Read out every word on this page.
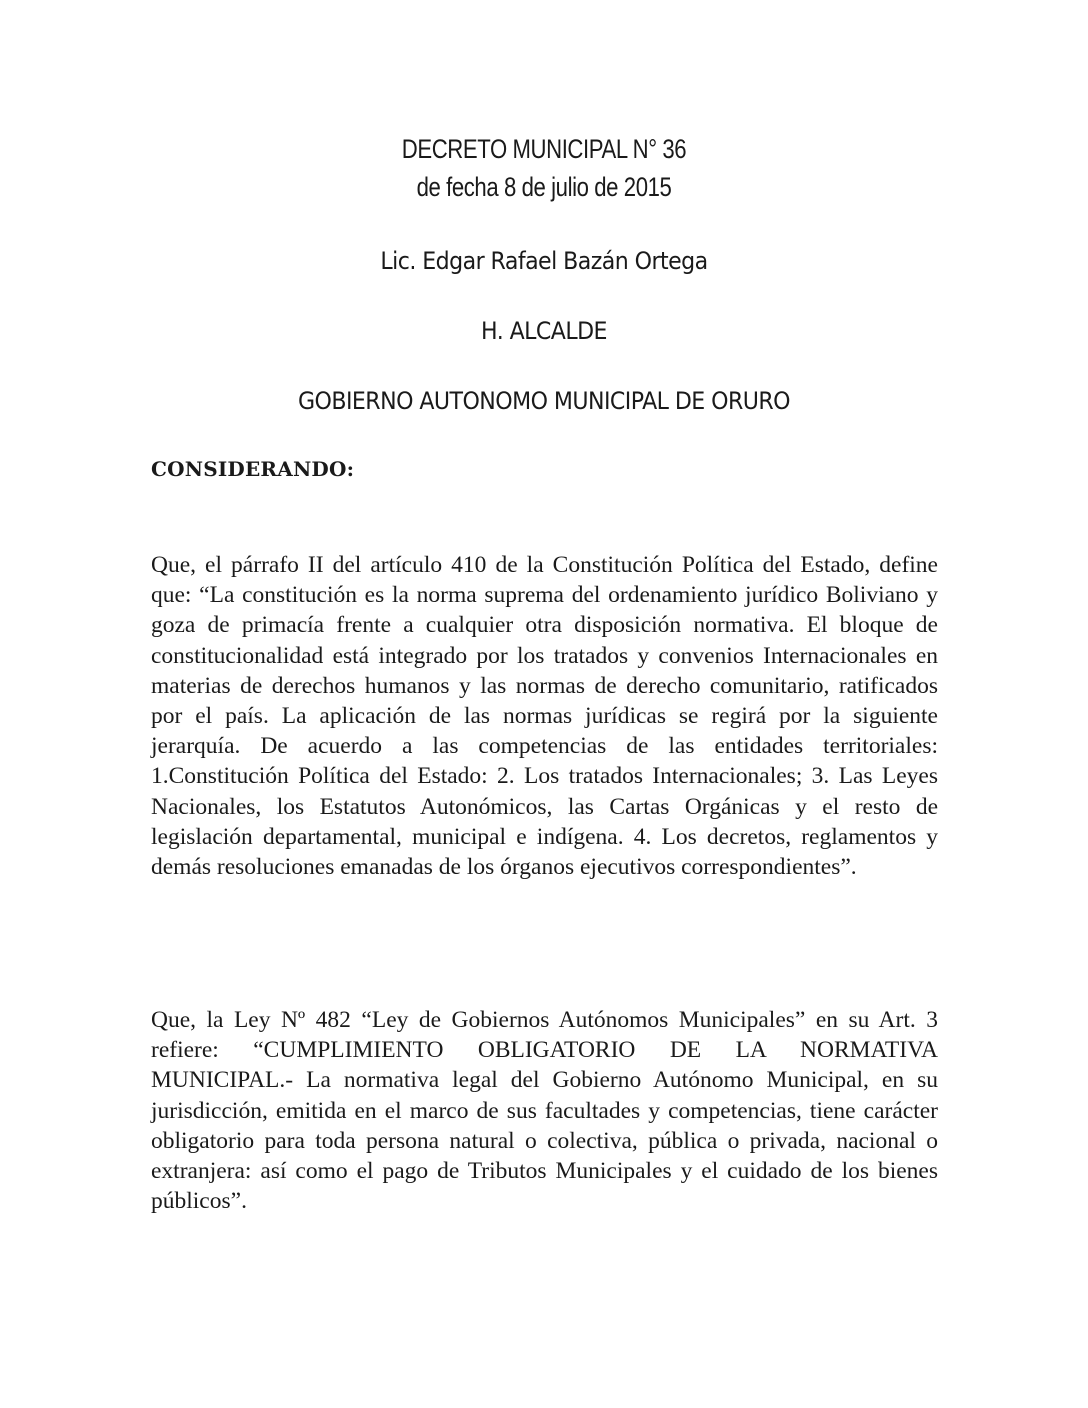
DECRETO MUNICIPAL N° 36
de fecha 8 de julio de 2015
Lic. Edgar Rafael Bazán Ortega
H. ALCALDE
GOBIERNO AUTONOMO MUNICIPAL DE ORURO
CONSIDERANDO:
Que, el párrafo II del artículo 410 de la Constitución Política del Estado, define que: “La constitución es la norma suprema del ordenamiento jurídico Boliviano y goza de primacía frente a cualquier otra disposición normativa. El bloque de constitucionalidad está integrado por los tratados y convenios Internacionales en materias de derechos humanos y las normas de derecho comunitario, ratificados por el país. La aplicación de las normas jurídicas se regirá por la siguiente jerarquía. De acuerdo a las competencias de las entidades territoriales: 1.Constitución Política del Estado: 2. Los tratados Internacionales; 3. Las Leyes Nacionales, los Estatutos Autonómicos, las Cartas Orgánicas y el resto de legislación departamental, municipal e indígena. 4. Los decretos, reglamentos y demás resoluciones emanadas de los órganos ejecutivos correspondientes”.
Que, la Ley Nº 482 “Ley de Gobiernos Autónomos Municipales” en su Art. 3 refiere: “CUMPLIMIENTO OBLIGATORIO DE LA NORMATIVA MUNICIPAL.- La normativa legal del Gobierno Autónomo Municipal, en su jurisdicción, emitida en el marco de sus facultades y competencias, tiene carácter obligatorio para toda persona natural o colectiva, pública o privada, nacional o extranjera: así como el pago de Tributos Municipales y el cuidado de los bienes públicos”.
